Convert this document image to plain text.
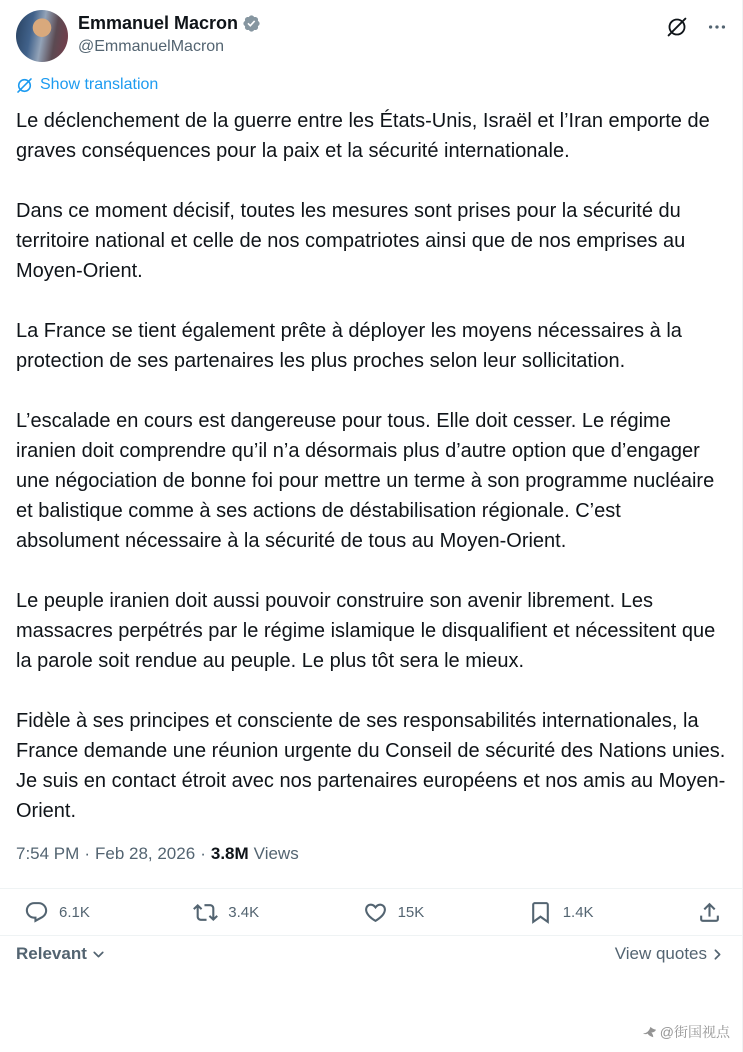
Emmanuel Macron
@EmmanuelMacron
Show translation

Le déclenchement de la guerre entre les États-Unis, Israël et l’Iran emporte de graves conséquences pour la paix et la sécurité internationale.

Dans ce moment décisif, toutes les mesures sont prises pour la sécurité du territoire national et celle de nos compatriotes ainsi que de nos emprises au Moyen-Orient.

La France se tient également prête à déployer les moyens nécessaires à la protection de ses partenaires les plus proches selon leur sollicitation.

L’escalade en cours est dangereuse pour tous. Elle doit cesser. Le régime iranien doit comprendre qu’il n’a désormais plus d’autre option que d’engager une négociation de bonne foi pour mettre un terme à son programme nucléaire et balistique comme à ses actions de déstabilisation régionale. C’est absolument nécessaire à la sécurité de tous au Moyen-Orient.

Le peuple iranien doit aussi pouvoir construire son avenir librement. Les massacres perpétrés par le régime islamique le disqualifient et nécessitent que la parole soit rendue au peuple. Le plus tôt sera le mieux.

Fidèle à ses principes et consciente de ses responsabilités internationales, la France demande une réunion urgente du Conseil de sécurité des Nations unies. Je suis en contact étroit avec nos partenaires européens et nos amis au Moyen-Orient.

7:54 PM · Feb 28, 2026 · 3.8M Views
6.1K	3.4K	15K	1.4K
Relevant	View quotes
@街国视点
